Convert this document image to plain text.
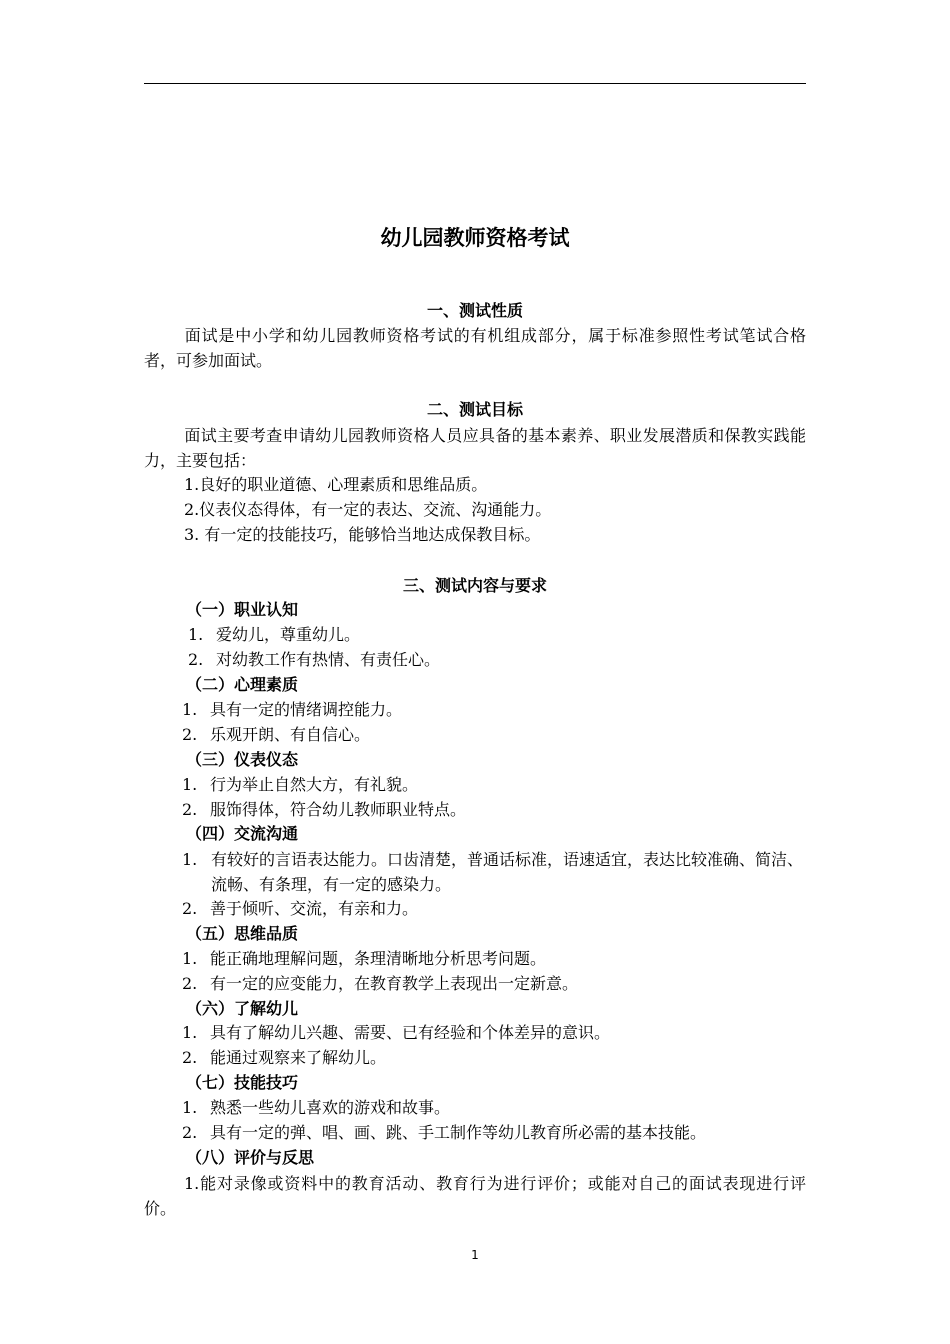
幼儿园教师资格考试
一、测试性质
面试是中小学和幼儿园教师资格考试的有机组成部分，属于标准参照性考试笔试合格者，可参加面试。
二、测试目标
面试主要考查申请幼儿园教师资格人员应具备的基本素养、职业发展潜质和保教实践能力，主要包括：
1.良好的职业道德、心理素质和思维品质。
2.仪表仪态得体，有一定的表达、交流、沟通能力。
3. 有一定的技能技巧，能够恰当地达成保教目标。
三、测试内容与要求
（一）职业认知
1. 爱幼儿，尊重幼儿。
2. 对幼教工作有热情、有责任心。
（二）心理素质
1. 具有一定的情绪调控能力。
2. 乐观开朗、有自信心。
（三）仪表仪态
1. 行为举止自然大方，有礼貌。
2. 服饰得体，符合幼儿教师职业特点。
（四）交流沟通
1. 有较好的言语表达能力。口齿清楚，普通话标准，语速适宜，表达比较准确、简洁、流畅、有条理，有一定的感染力。
2. 善于倾听、交流，有亲和力。
（五）思维品质
1. 能正确地理解问题，条理清晰地分析思考问题。
2. 有一定的应变能力，在教育教学上表现出一定新意。
（六）了解幼儿
1. 具有了解幼儿兴趣、需要、已有经验和个体差异的意识。
2. 能通过观察来了解幼儿。
（七）技能技巧
1. 熟悉一些幼儿喜欢的游戏和故事。
2. 具有一定的弹、唱、画、跳、手工制作等幼儿教育所必需的基本技能。
（八）评价与反思
1.能对录像或资料中的教育活动、教育行为进行评价；或能对自己的面试表现进行评价。
1
